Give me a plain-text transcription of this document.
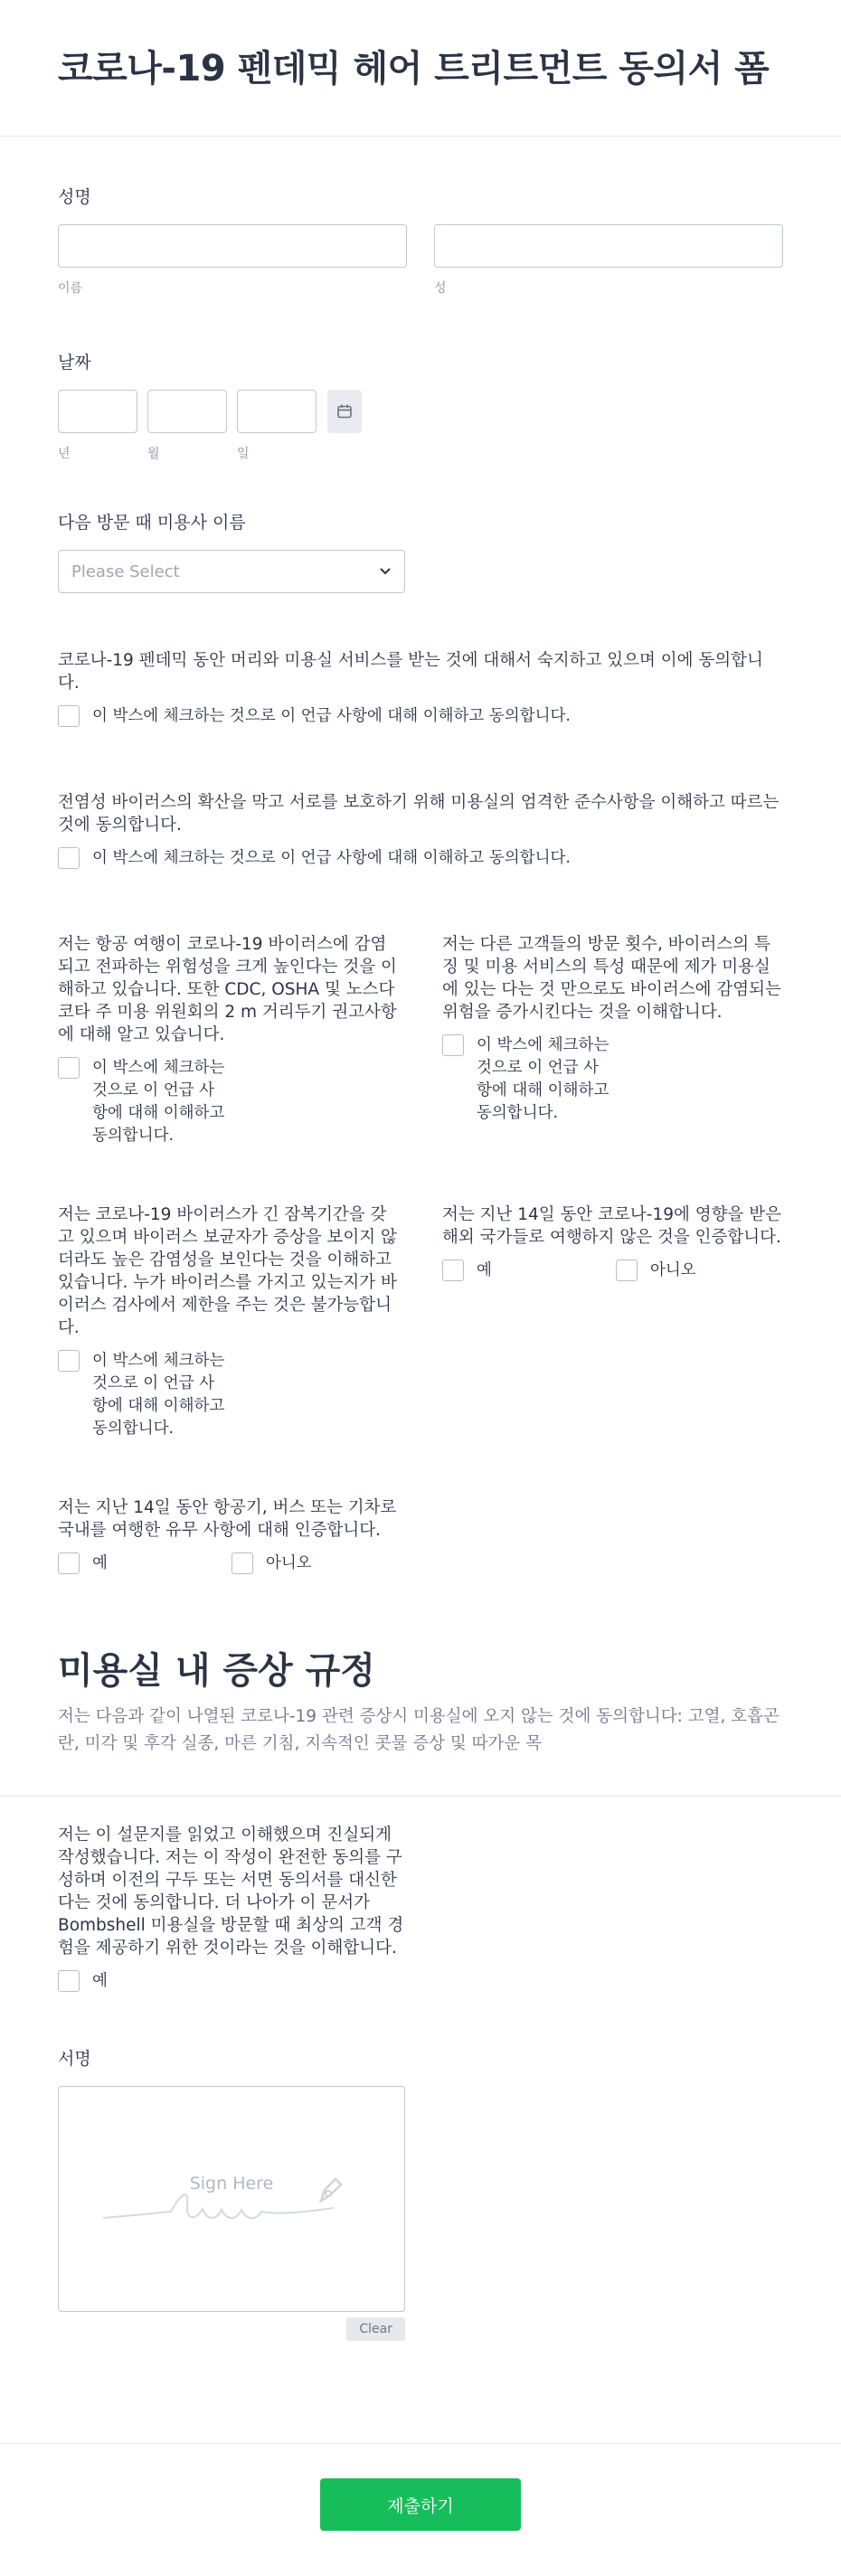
코로나-19 펜데믹 헤어 트리트먼트 동의서 폼
성명
이름	성
날짜
년	월	일
다음 방문 때 미용사 이름
Please Select
코로나-19 펜데믹 동안 머리와 미용실 서비스를 받는 것에 대해서 숙지하고 있으며 이에 동의합니다.
이 박스에 체크하는 것으로 이 언급 사항에 대해 이해하고 동의합니다.
전염성 바이러스의 확산을 막고 서로를 보호하기 위해 미용실의 엄격한 준수사항을 이해하고 따르는 것에 동의합니다.
이 박스에 체크하는 것으로 이 언급 사항에 대해 이해하고 동의합니다.
저는 항공 여행이 코로나-19 바이러스에 감염되고 전파하는 위험성을 크게 높인다는 것을 이해하고 있습니다. 또한 CDC, OSHA 및 노스다코타 주 미용 위원회의 2 m 거리두기 권고사항에 대해 알고 있습니다.
이 박스에 체크하는 것으로 이 언급 사항에 대해 이해하고 동의합니다.
저는 다른 고객들의 방문 횟수, 바이러스의 특징 및 미용 서비스의 특성 때문에 제가 미용실에 있는 다는 것 만으로도 바이러스에 감염되는 위험을 증가시킨다는 것을 이해합니다.
이 박스에 체크하는 것으로 이 언급 사항에 대해 이해하고 동의합니다.
저는 코로나-19 바이러스가 긴 잠복기간을 갖고 있으며 바이러스 보균자가 증상을 보이지 않더라도 높은 감염성을 보인다는 것을 이해하고 있습니다. 누가 바이러스를 가지고 있는지가 바이러스 검사에서 제한을 주는 것은 불가능합니다.
이 박스에 체크하는 것으로 이 언급 사항에 대해 이해하고 동의합니다.
저는 지난 14일 동안 코로나-19에 영향을 받은 해외 국가들로 여행하지 않은 것을 인증합니다.
예	아니오
저는 지난 14일 동안 항공기, 버스 또는 기차로 국내를 여행한 유무 사항에 대해 인증합니다.
예	아니오
미용실 내 증상 규정
저는 다음과 같이 나열된 코로나-19 관련 증상시 미용실에 오지 않는 것에 동의합니다: 고열, 호흡곤란, 미각 및 후각 실종, 마른 기침, 지속적인 콧물 증상 및 따가운 목
저는 이 설문지를 읽었고 이해했으며 진실되게 작성했습니다. 저는 이 작성이 완전한 동의를 구성하며 이전의 구두 또는 서면 동의서를 대신한다는 것에 동의합니다. 더 나아가 이 문서가 Bombshell 미용실을 방문할 때 최상의 고객 경험을 제공하기 위한 것이라는 것을 이해합니다.
예
서명
Sign Here
Clear
제출하기
